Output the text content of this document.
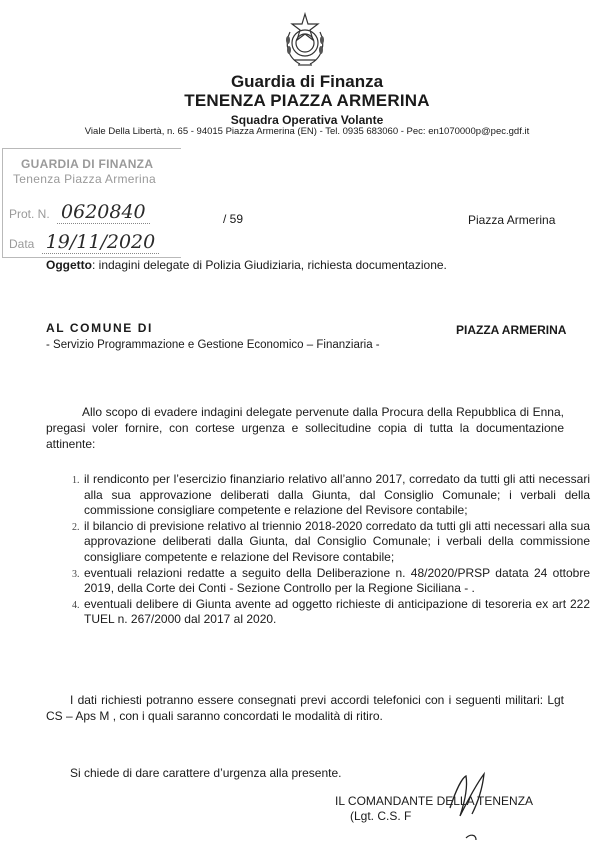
Guardia di Finanza
TENENZA PIAZZA ARMERINA
Squadra Operativa Volante
Viale Della Libertà, n. 65 - 94015 Piazza Armerina (EN) - Tel. 0935 683060 - Pec: en1070000p@pec.gdf.it
GUARDIA DI FINANZA
Tenenza Piazza Armerina
Prot. N. 0620840
Data 19/11/2020
/ 59	Piazza Armerina
Oggetto: indagini delegate di Polizia Giudiziaria, richiesta documentazione.
AL COMUNE DI	PIAZZA ARMERINA
- Servizio Programmazione e Gestione Economico – Finanziaria -
Allo scopo di evadere indagini delegate pervenute dalla Procura della Repubblica di Enna, pregasi voler fornire, con cortese urgenza e sollecitudine copia di tutta la documentazione attinente:
1. il rendiconto per l’esercizio finanziario relativo all’anno 2017, corredato da tutti gli atti necessari alla sua approvazione deliberati dalla Giunta, dal Consiglio Comunale; i verbali della commissione consigliare competente e relazione del Revisore contabile;
2. il bilancio di previsione relativo al triennio 2018-2020 corredato da tutti gli atti necessari alla sua approvazione deliberati dalla Giunta, dal Consiglio Comunale; i verbali della commissione consigliare competente e relazione del Revisore contabile;
3. eventuali relazioni redatte a seguito della Deliberazione n. 48/2020/PRSP datata 24 ottobre 2019, della Corte dei Conti - Sezione Controllo per la Regione Siciliana - .
4. eventuali delibere di Giunta avente ad oggetto richieste di anticipazione di tesoreria ex art 222 TUEL n. 267/2000 dal 2017 al 2020.
I dati richiesti potranno essere consegnati previ accordi telefonici con i seguenti militari: Lgt CS – Aps M , con i quali saranno concordati le modalità di ritiro.
Si chiede di dare carattere d’urgenza alla presente.
IL COMANDANTE DELLA TENENZA
(Lgt. C.S. F
